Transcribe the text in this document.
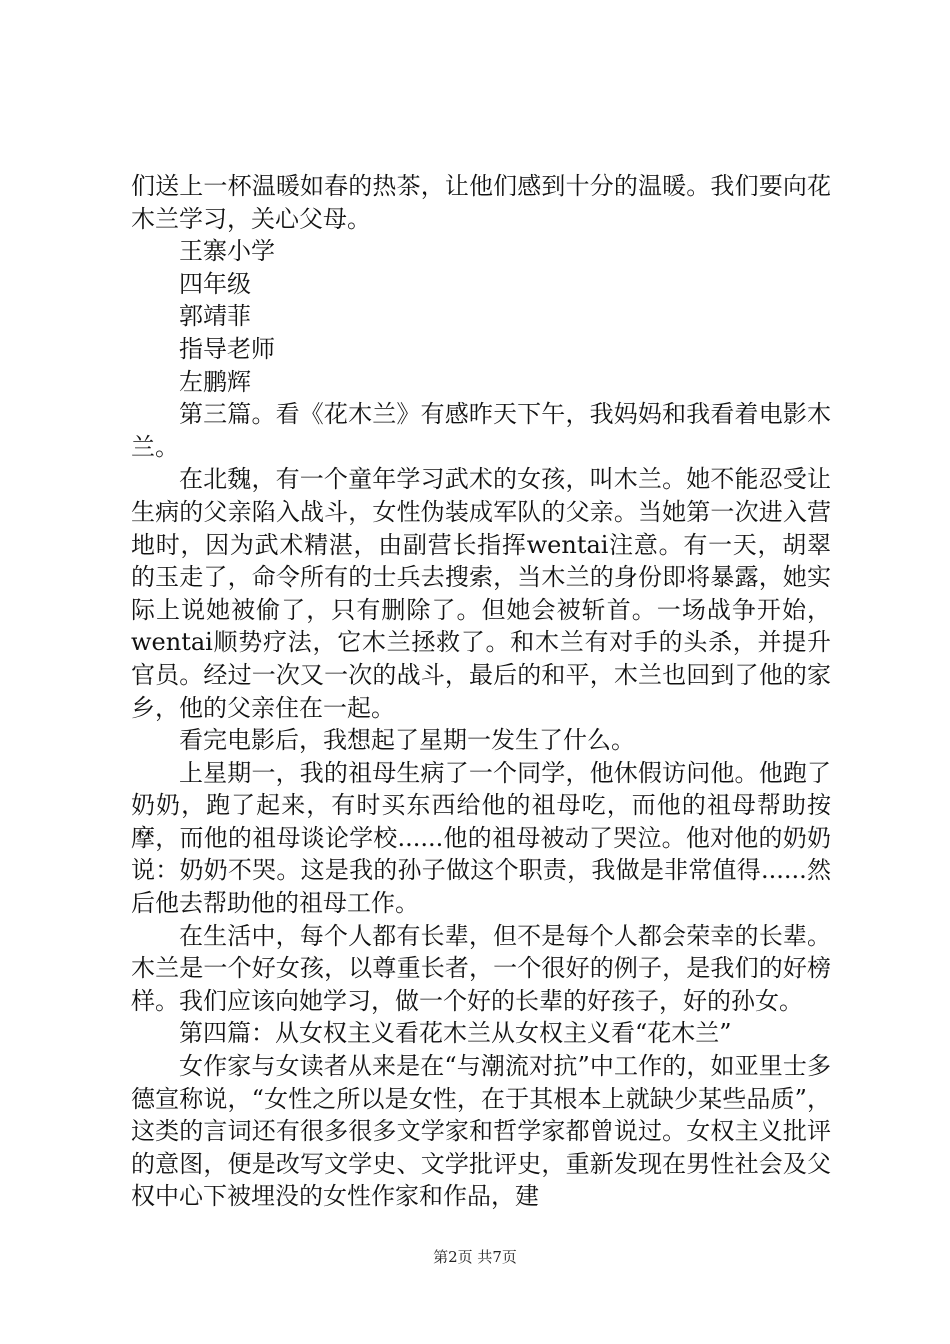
们送上一杯温暖如春的热茶，让他们感到十分的温暖。我们要向花木兰学习，关心父母。

王寨小学

四年级

郭靖菲

指导老师

左鹏辉

第三篇。看《花木兰》有感昨天下午，我妈妈和我看着电影木兰。

在北魏，有一个童年学习武术的女孩，叫木兰。她不能忍受让生病的父亲陷入战斗，女性伪装成军队的父亲。当她第一次进入营地时，因为武术精湛，由副营长指挥wentai注意。有一天，胡翠的玉走了，命令所有的士兵去搜索，当木兰的身份即将暴露，她实际上说她被偷了，只有删除了。但她会被斩首。一场战争开始，wentai顺势疗法，它木兰拯救了。和木兰有对手的头杀，并提升官员。经过一次又一次的战斗，最后的和平，木兰也回到了他的家乡，他的父亲住在一起。

看完电影后，我想起了星期一发生了什么。

上星期一，我的祖母生病了一个同学，他休假访问他。他跑了奶奶，跑了起来，有时买东西给他的祖母吃，而他的祖母帮助按摩，而他的祖母谈论学校......他的祖母被动了哭泣。他对他的奶奶说：奶奶不哭。这是我的孙子做这个职责，我做是非常值得......然后他去帮助他的祖母工作。

在生活中，每个人都有长辈，但不是每个人都会荣幸的长辈。木兰是一个好女孩，以尊重长者，一个很好的例子，是我们的好榜样。我们应该向她学习，做一个好的长辈的好孩子，好的孙女。

第四篇：从女权主义看花木兰从女权主义看“花木兰”

女作家与女读者从来是在“与潮流对抗”中工作的，如亚里士多德宣称说，“女性之所以是女性，在于其根本上就缺少某些品质”，这类的言词还有很多很多文学家和哲学家都曾说过。女权主义批评的意图，便是改写文学史、文学批评史，重新发现在男性社会及父权中心下被埋没的女性作家和作品，建

第2页 共7页
